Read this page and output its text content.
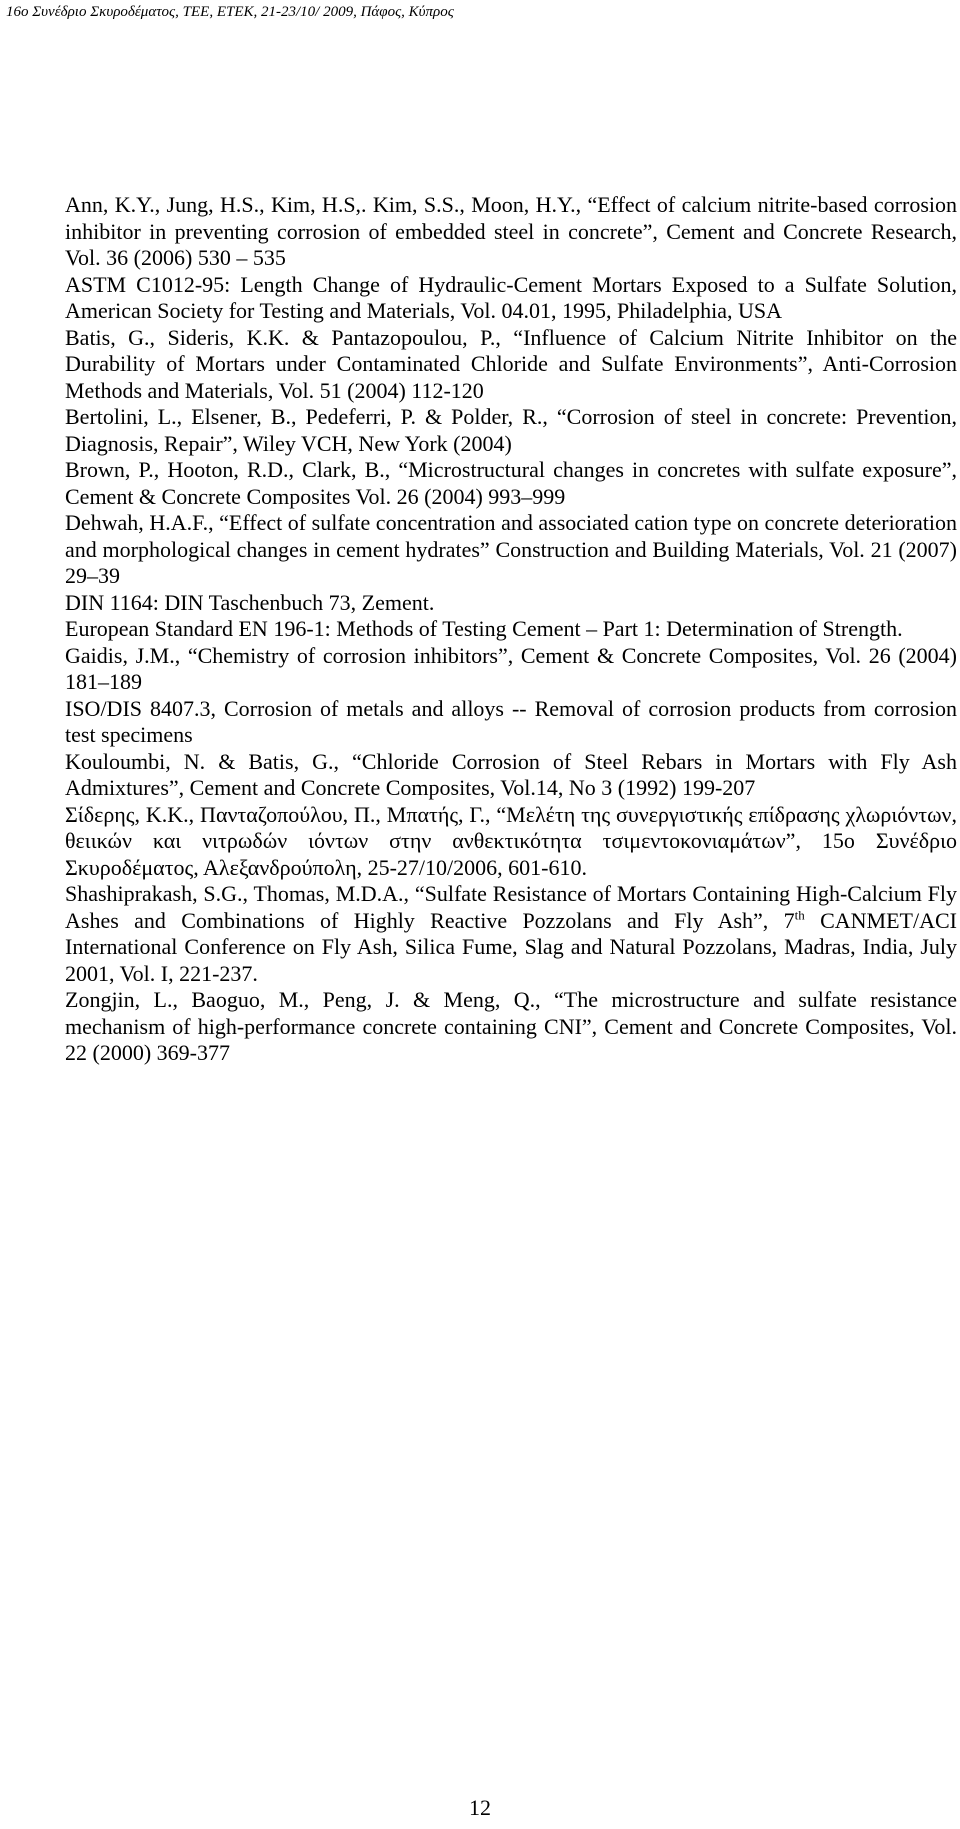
16ο Συνέδριο Σκυροδέματος, ΤΕΕ, ΕΤΕΚ, 21-23/10/ 2009, Πάφος, Κύπρος

Ann, K.Y., Jung, H.S., Kim, H.S,. Kim, S.S., Moon, H.Y., “Effect of calcium nitrite-based corrosion inhibitor in preventing corrosion of embedded steel in concrete”, Cement and Concrete Research, Vol. 36 (2006) 530 – 535

ASTM C1012-95: Length Change of Hydraulic-Cement Mortars Exposed to a Sulfate Solution, American Society for Testing and Materials, Vol. 04.01, 1995, Philadelphia, USA

Batis, G., Sideris, K.K. & Pantazopoulou, P., “Influence of Calcium Nitrite Inhibitor on the Durability of Mortars under Contaminated Chloride and Sulfate Environments”, Anti-Corrosion Methods and Materials, Vol. 51 (2004) 112-120

Bertolini, L., Elsener, B., Pedeferri, P. & Polder, R., “Corrosion of steel in concrete: Prevention, Diagnosis, Repair”, Wiley VCH, New York (2004)

Brown, P., Hooton, R.D., Clark, B., “Microstructural changes in concretes with sulfate exposure”, Cement & Concrete Composites Vol. 26 (2004) 993–999

Dehwah, H.A.F., “Effect of sulfate concentration and associated cation type on concrete deterioration and morphological changes in cement hydrates” Construction and Building Materials, Vol. 21 (2007) 29–39

DIN 1164: DIN Taschenbuch 73, Zement.

European Standard EN 196-1: Methods of Testing Cement – Part 1: Determination of Strength.

Gaidis, J.M., “Chemistry of corrosion inhibitors”, Cement & Concrete Composites, Vol. 26 (2004) 181–189

ISO/DIS 8407.3, Corrosion of metals and alloys -- Removal of corrosion products from corrosion test specimens

Kouloumbi, N. & Batis, G., “Chloride Corrosion of Steel Rebars in Mortars with Fly Ash Admixtures”, Cement and Concrete Composites, Vol.14, No 3 (1992) 199-207

Σίδερης, Κ.Κ., Πανταζοπούλου, Π., Μπατής, Γ., “Μελέτη της συνεργιστικής επίδρασης χλωριόντων, θειικών και νιτρωδών ιόντων στην ανθεκτικότητα τσιμεντοκονιαμάτων”, 15ο Συνέδριο Σκυροδέματος, Αλεξανδρούπολη, 25-27/10/2006, 601-610.

Shashiprakash, S.G., Thomas, M.D.A., “Sulfate Resistance of Mortars Containing High-Calcium Fly Ashes and Combinations of Highly Reactive Pozzolans and Fly Ash”, 7th CANMET/ACI International Conference on Fly Ash, Silica Fume, Slag and Natural Pozzolans, Madras, India, July 2001, Vol. I, 221-237.

Zongjin, L., Baoguo, M., Peng, J. & Meng, Q., “The microstructure and sulfate resistance mechanism of high-performance concrete containing CNI”, Cement and Concrete Composites, Vol. 22 (2000) 369-377

12
